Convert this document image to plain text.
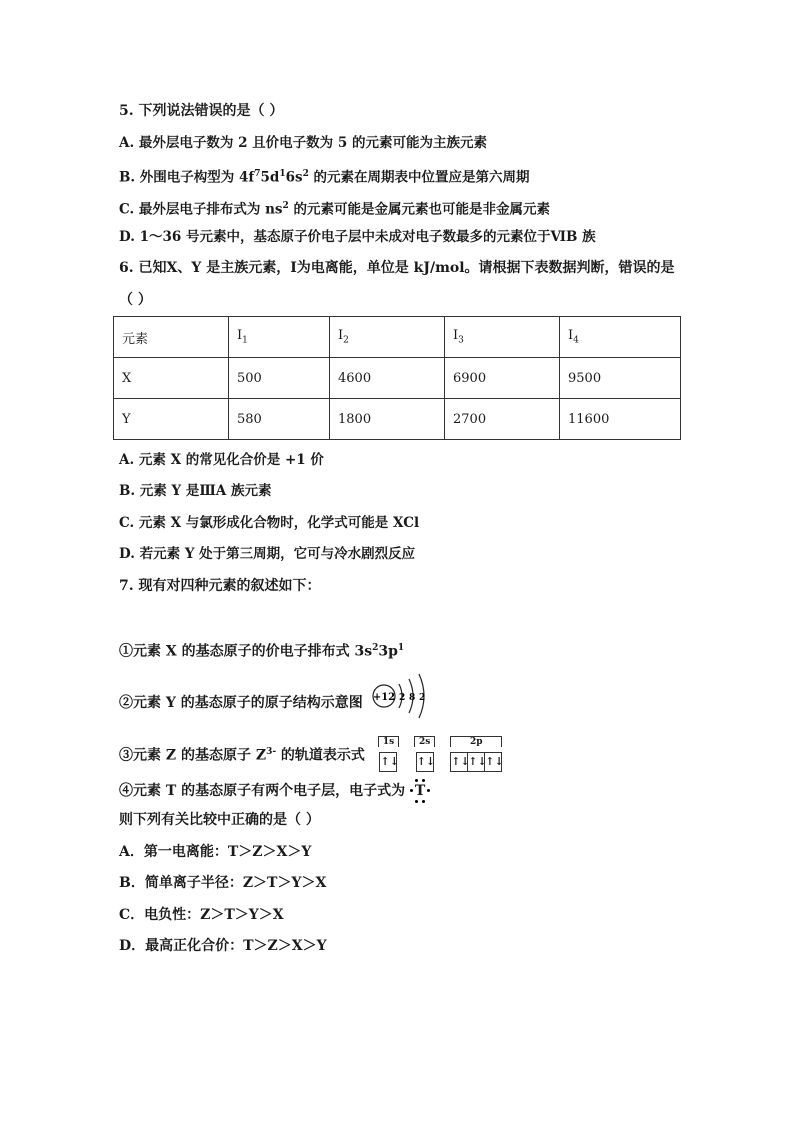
5. 下列说法错误的是（ ）
A. 最外层电子数为 2 且价电子数为 5 的元素可能为主族元素
B. 外围电子构型为 $4f^75d^16s^2$ 的元素在周期表中位置应是第六周期
C. 最外层电子排布式为 $ns^2$ 的元素可能是金属元素也可能是非金属元素
D. 1～36 号元素中，基态原子价电子层中未成对电子数最多的元素位于ⅥB 族
6. 已知X、Y 是主族元素，I为电离能，单位是 kJ/mol。请根据下表数据判断，错误的是
（ ）
元素	$I_1$	$I_2$	$I_3$	$I_4$
X	500	4600	6900	9500
Y	580	1800	2700	11600
A. 元素 X 的常见化合价是 +1 价
B. 元素 Y 是ⅢA 族元素
C. 元素 X 与氯形成化合物时，化学式可能是 XCl
D. 若元素 Y 处于第三周期，它可与冷水剧烈反应
7. 现有对四种元素的叙述如下：
①元素 X 的基态原子的价电子排布式 $3s^23p^1$
②元素 Y 的基态原子的原子结构示意图 +12 2 8 2
③元素 Z 的基态原子 $Z^{3-}$ 的轨道表示式
1s
↑↓

2s
↑↓

2p
↑↓
↑↓
↑↓
④元素 T 的基态原子有两个电子层，电子式为 T
则下列有关比较中正确的是（ ）
A．第一电离能：T＞Z＞X＞Y
B．简单离子半径：Z＞T＞Y＞X
C．电负性：Z＞T＞Y＞X
D．最高正化合价：T＞Z＞X＞Y
